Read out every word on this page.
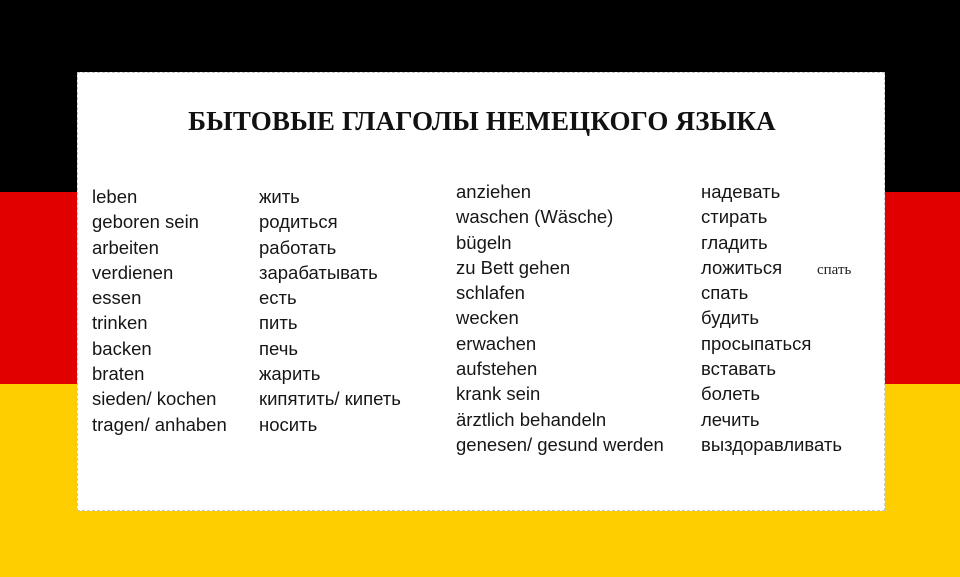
БЫТОВЫЕ ГЛАГОЛЫ НЕМЕЦКОГО ЯЗЫКА
leben
geboren sein
arbeiten
verdienen
essen
trinken
backen
braten
sieden/ kochen
tragen/ anhaben
жить
родиться
работать
зарабатывать
есть
пить
печь
жарить
кипятить/ кипеть
носить
anziehen
waschen (Wäsche)
bügeln
zu Bett gehen
schlafen
wecken
erwachen
aufstehen
krank sein
ärztlich behandeln
genesen/ gesund werden
надевать
стирать
гладить
ложиться
спать
будить
просыпаться
вставать
болеть
лечить
выздоравливать
спать
